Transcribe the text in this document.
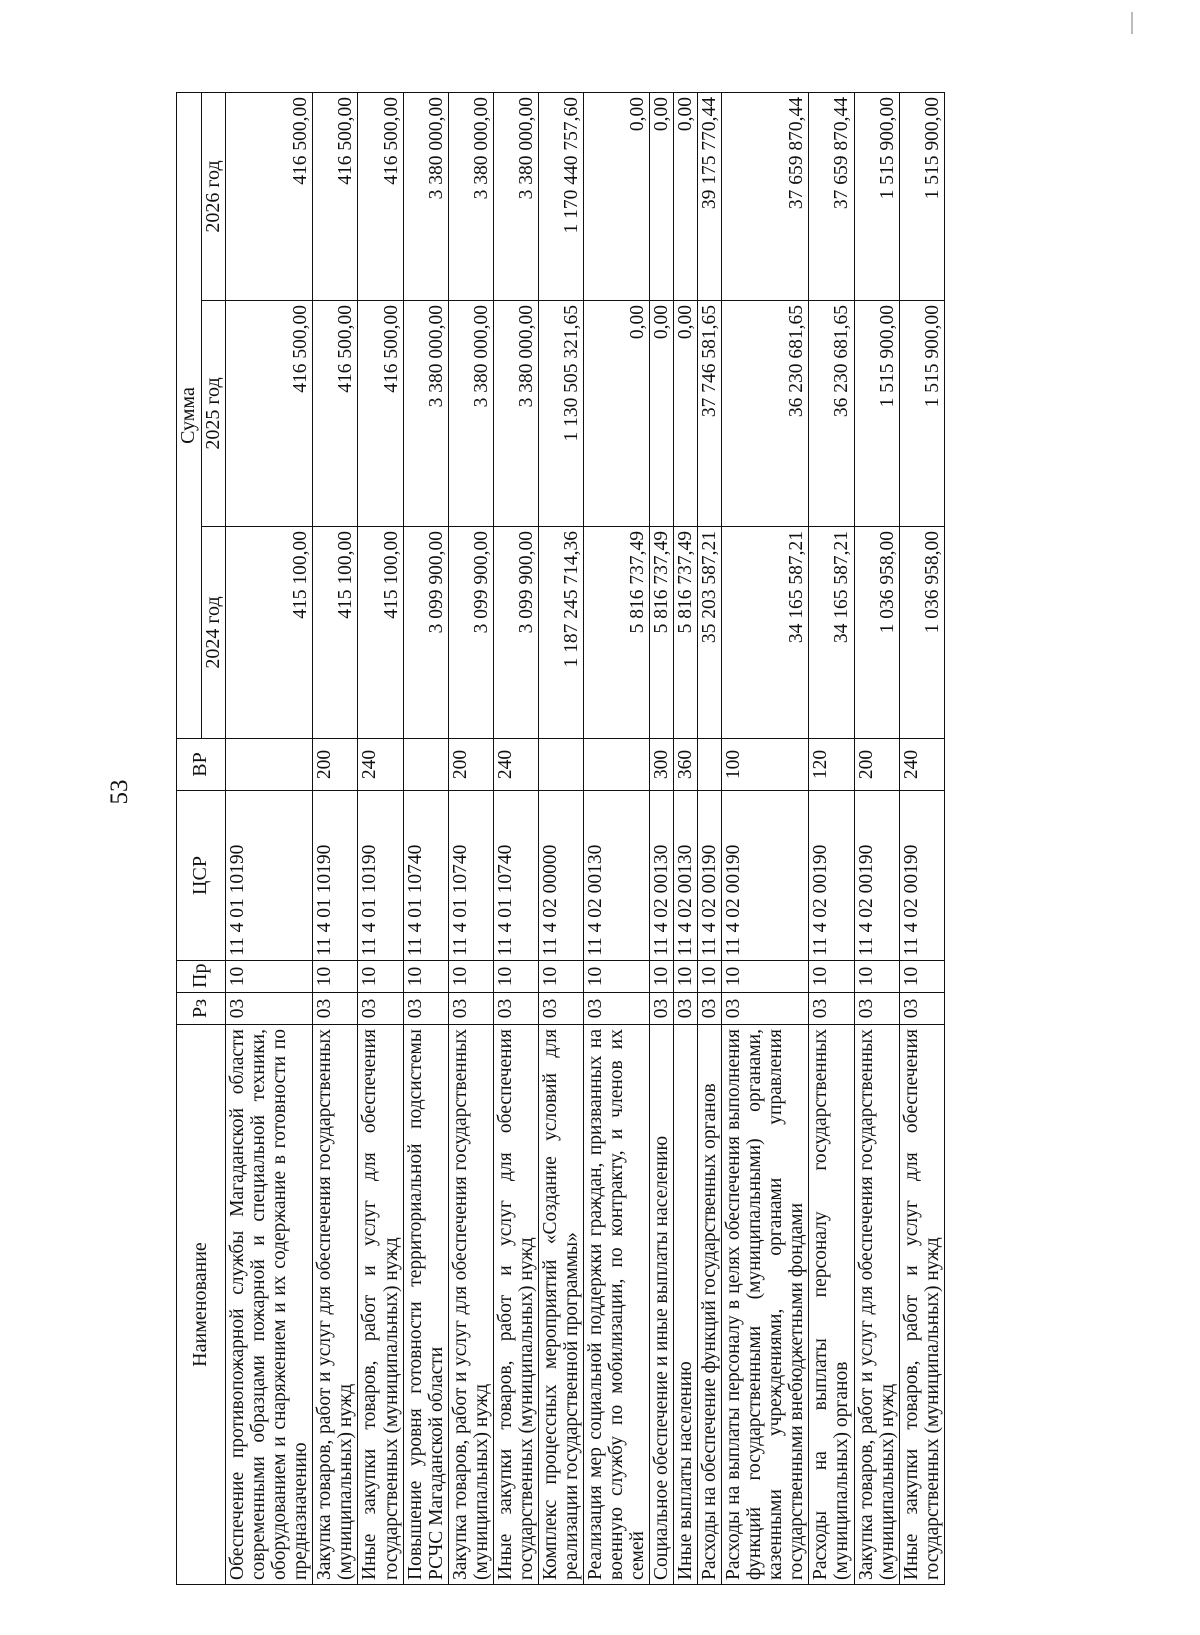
53
Наименование	Рз	Пр	ЦСР	ВР	Сумма		
					2024 год	2025 год	2026 год
Обеспечение противопожарной службы Магаданской области современными образцами пожарной и специальной техники, оборудованием и снаряжением и их содержание в готовности по предназначению	03	10	11 4 01 10190		415 100,00	416 500,00	416 500,00
Закупка товаров, работ и услуг для обеспечения государственных (муниципальных) нужд	03	10	11 4 01 10190	200	415 100,00	416 500,00	416 500,00
Иные закупки товаров, работ и услуг для обеспечения государственных (муниципальных) нужд	03	10	11 4 01 10190	240	415 100,00	416 500,00	416 500,00
Повышение уровня готовности территориальной подсистемы РСЧС Магаданской области	03	10	11 4 01 10740		3 099 900,00	3 380 000,00	3 380 000,00
Закупка товаров, работ и услуг для обеспечения государственных (муниципальных) нужд	03	10	11 4 01 10740	200	3 099 900,00	3 380 000,00	3 380 000,00
Иные закупки товаров, работ и услуг для обеспечения государственных (муниципальных) нужд	03	10	11 4 01 10740	240	3 099 900,00	3 380 000,00	3 380 000,00
Комплекс процессных мероприятий «Создание условий для реализации государственной программы»	03	10	11 4 02 00000		1 187 245 714,36	1 130 505 321,65	1 170 440 757,60
Реализация мер социальной поддержки граждан, призванных на военную службу по мобилизации, по контракту, и членов их семей	03	10	11 4 02 00130		5 816 737,49	0,00	0,00
Социальное обеспечение и иные выплаты населению	03	10	11 4 02 00130	300	5 816 737,49	0,00	0,00
Иные выплаты населению	03	10	11 4 02 00130	360	5 816 737,49	0,00	0,00
Расходы на обеспечение функций государственных органов	03	10	11 4 02 00190		35 203 587,21	37 746 581,65	39 175 770,44
Расходы на выплаты персоналу в целях обеспечения выполнения функций государственными (муниципальными) органами, казенными учреждениями, органами управления государственными внебюджетными фондами	03	10	11 4 02 00190	100	34 165 587,21	36 230 681,65	37 659 870,44
Расходы на выплаты персоналу государственных (муниципальных) органов	03	10	11 4 02 00190	120	34 165 587,21	36 230 681,65	37 659 870,44
Закупка товаров, работ и услуг для обеспечения государственных (муниципальных) нужд	03	10	11 4 02 00190	200	1 036 958,00	1 515 900,00	1 515 900,00
Иные закупки товаров, работ и услуг для обеспечения государственных (муниципальных) нужд	03	10	11 4 02 00190	240	1 036 958,00	1 515 900,00	1 515 900,00
